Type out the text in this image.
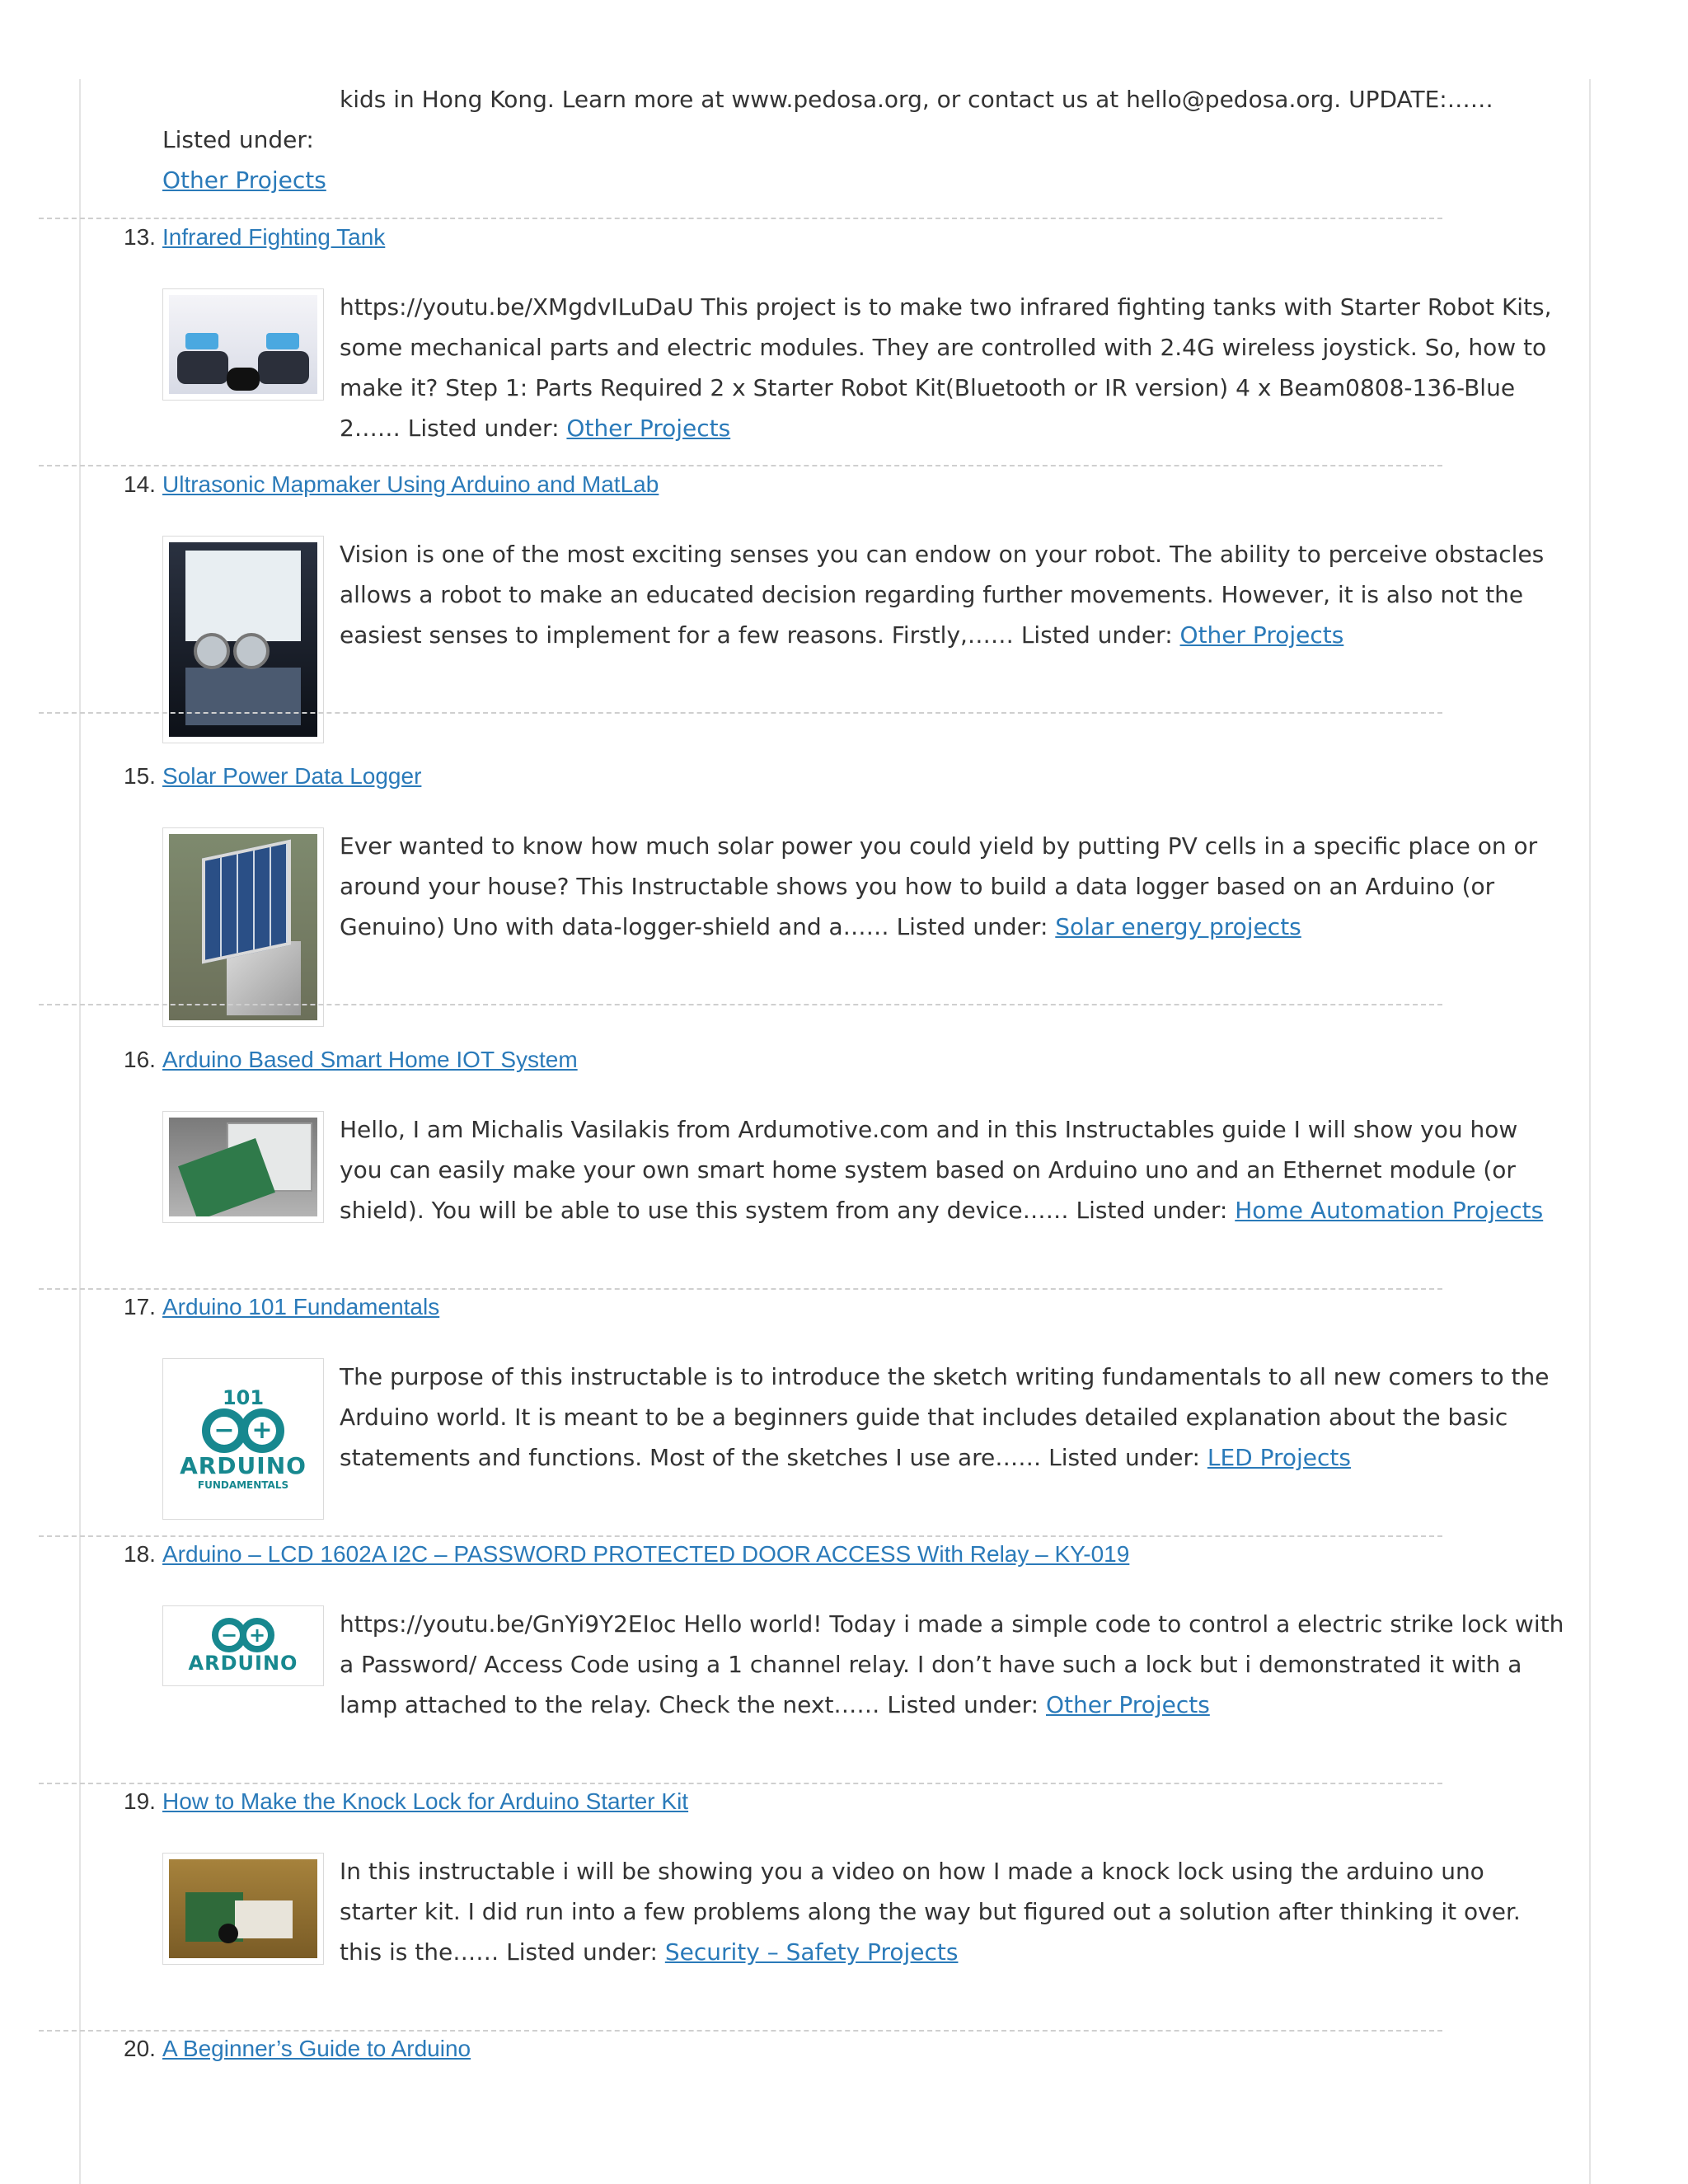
kids in Hong Kong. Learn more at www.pedosa.org, or contact us at hello@pedosa.org. UPDATE:…… Listed under:
Other Projects
13. Infrared Fighting Tank
https://youtu.be/XMgdvILuDaU This project is to make two infrared fighting tanks with Starter Robot Kits, some mechanical parts and electric modules. They are controlled with 2.4G wireless joystick. So, how to make it? Step 1: Parts Required 2 x Starter Robot Kit(Bluetooth or IR version) 4 x Beam0808-136-Blue 2…… Listed under: Other Projects
14. Ultrasonic Mapmaker Using Arduino and MatLab
Vision is one of the most exciting senses you can endow on your robot. The ability to perceive obstacles allows a robot to make an educated decision regarding further movements. However, it is also not the easiest senses to implement for a few reasons. Firstly,…… Listed under: Other Projects
15. Solar Power Data Logger
Ever wanted to know how much solar power you could yield by putting PV cells in a specific place on or around your house? This Instructable shows you how to build a data logger based on an Arduino (or Genuino) Uno with data-logger-shield and a…… Listed under: Solar energy projects
16. Arduino Based Smart Home IOT System
Hello, I am Michalis Vasilakis from Ardumotive.com and in this Instructables guide I will show you how you can easily make your own smart home system based on Arduino uno and an Ethernet module (or shield). You will be able to use this system from any device…… Listed under: Home Automation Projects
17. Arduino 101 Fundamentals
101
− +
ARDUINO
FUNDAMENTALS
The purpose of this instructable is to introduce the sketch writing fundamentals to all new comers to the Arduino world. It is meant to be a beginners guide that includes detailed explanation about the basic statements and functions. Most of the sketches I use are…… Listed under: LED Projects
18. Arduino – LCD 1602A I2C – PASSWORD PROTECTED DOOR ACCESS With Relay – KY-019
− +
ARDUINO
https://youtu.be/GnYi9Y2EIoc Hello world! Today i made a simple code to control a electric strike lock with a Password/ Access Code using a 1 channel relay. I don’t have such a lock but i demonstrated it with a lamp attached to the relay. Check the next…… Listed under: Other Projects
19. How to Make the Knock Lock for Arduino Starter Kit
In this instructable i will be showing you a video on how I made a knock lock using the arduino uno starter kit. I did run into a few problems along the way but figured out a solution after thinking it over. this is the…… Listed under: Security – Safety Projects
20. A Beginner’s Guide to Arduino
